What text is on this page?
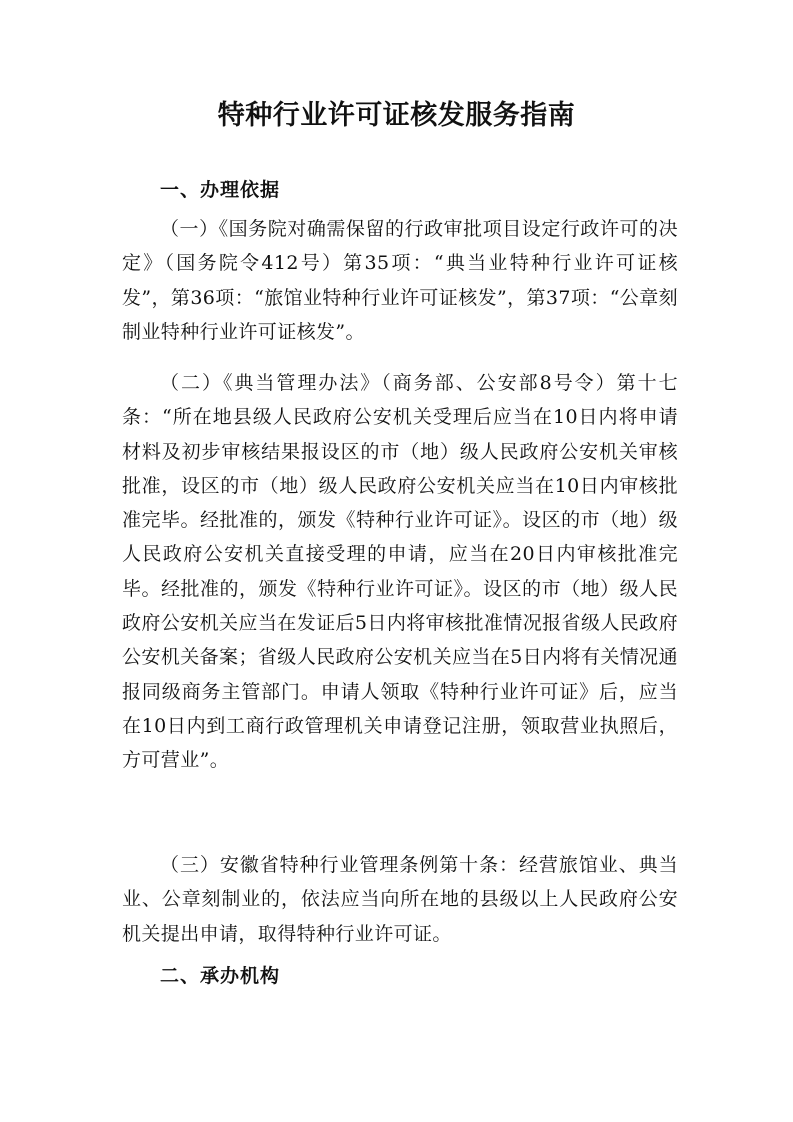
特种行业许可证核发服务指南
一、办理依据

（一）《国务院对确需保留的行政审批项目设定行政许可的决定》（国务院令412号）第35项：“典当业特种行业许可证核发”，第36项：“旅馆业特种行业许可证核发”，第37项：“公章刻制业特种行业许可证核发”。

（二）《典当管理办法》（商务部、公安部8号令）第十七条：“所在地县级人民政府公安机关受理后应当在10日内将申请材料及初步审核结果报设区的市（地）级人民政府公安机关审核批准，设区的市（地）级人民政府公安机关应当在10日内审核批准完毕。经批准的，颁发《特种行业许可证》。设区的市（地）级人民政府公安机关直接受理的申请，应当在20日内审核批准完毕。经批准的，颁发《特种行业许可证》。设区的市（地）级人民政府公安机关应当在发证后5日内将审核批准情况报省级人民政府公安机关备案；省级人民政府公安机关应当在5日内将有关情况通报同级商务主管部门。申请人领取《特种行业许可证》后，应当在10日内到工商行政管理机关申请登记注册，领取营业执照后，方可营业”。

（三）安徽省特种行业管理条例第十条：经营旅馆业、典当业、公章刻制业的，依法应当向所在地的县级以上人民政府公安机关提出申请，取得特种行业许可证。

二、承办机构
